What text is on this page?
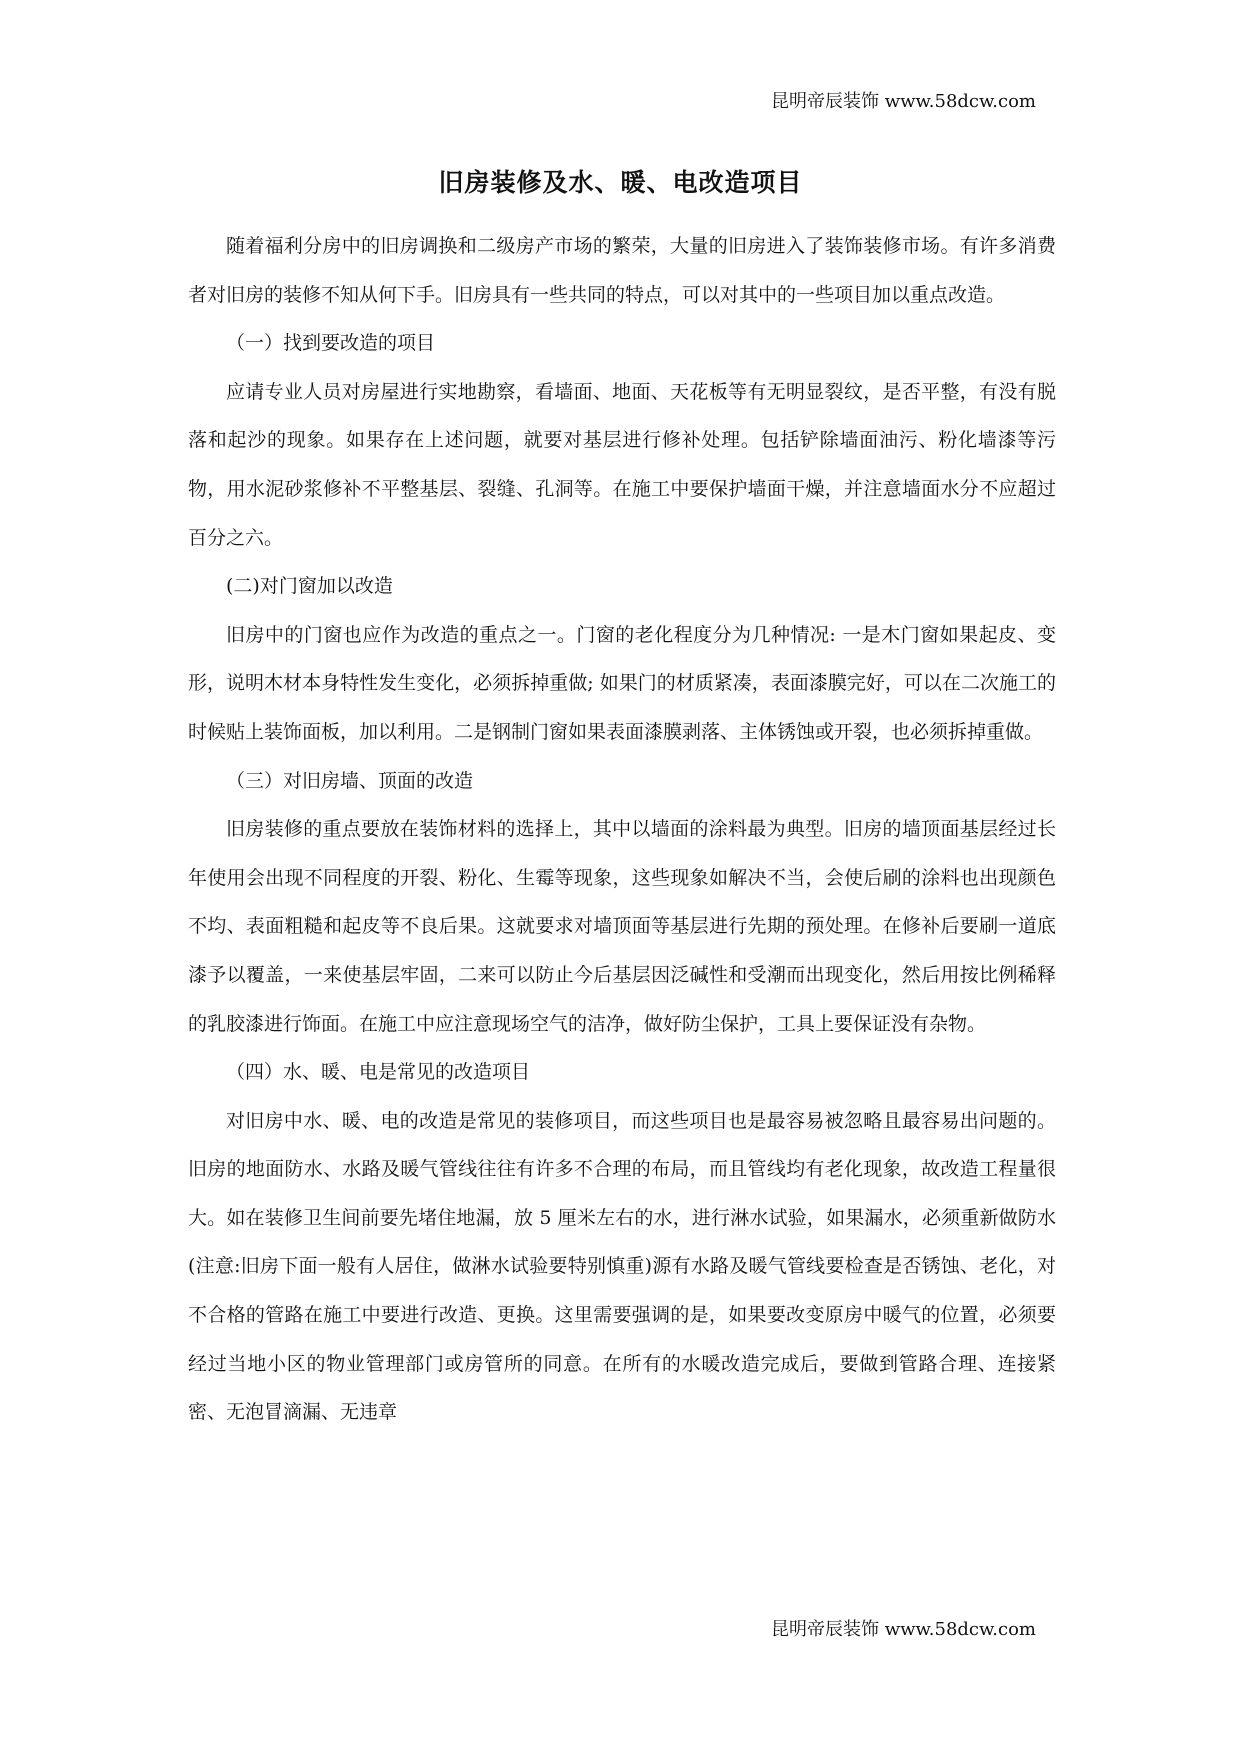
昆明帝辰装饰 www.58dcw.com
旧房装修及水、暖、电改造项目

随着福利分房中的旧房调换和二级房产市场的繁荣，大量的旧房进入了装饰装修市场。有许多消费者对旧房的装修不知从何下手。旧房具有一些共同的特点，可以对其中的一些项目加以重点改造。

（一）找到要改造的项目

应请专业人员对房屋进行实地勘察，看墙面、地面、天花板等有无明显裂纹，是否平整，有没有脱落和起沙的现象。如果存在上述问题，就要对基层进行修补处理。包括铲除墙面油污、粉化墙漆等污物，用水泥砂浆修补不平整基层、裂缝、孔洞等。在施工中要保护墙面干燥，并注意墙面水分不应超过百分之六。

(二)对门窗加以改造

旧房中的门窗也应作为改造的重点之一。门窗的老化程度分为几种情况: 一是木门窗如果起皮、变形，说明木材本身特性发生变化，必须拆掉重做; 如果门的材质紧凑，表面漆膜完好，可以在二次施工的时候贴上装饰面板，加以利用。二是钢制门窗如果表面漆膜剥落、主体锈蚀或开裂，也必须拆掉重做。

（三）对旧房墙、顶面的改造

旧房装修的重点要放在装饰材料的选择上，其中以墙面的涂料最为典型。旧房的墙顶面基层经过长年使用会出现不同程度的开裂、粉化、生霉等现象，这些现象如解决不当，会使后刷的涂料也出现颜色不均、表面粗糙和起皮等不良后果。这就要求对墙顶面等基层进行先期的预处理。在修补后要刷一道底漆予以覆盖，一来使基层牢固，二来可以防止今后基层因泛碱性和受潮而出现变化，然后用按比例稀释的乳胶漆进行饰面。在施工中应注意现场空气的洁净，做好防尘保护，工具上要保证没有杂物。

（四）水、暖、电是常见的改造项目

对旧房中水、暖、电的改造是常见的装修项目，而这些项目也是最容易被忽略且最容易出问题的。旧房的地面防水、水路及暖气管线往往有许多不合理的布局，而且管线均有老化现象，故改造工程量很大。如在装修卫生间前要先堵住地漏，放 5 厘米左右的水，进行淋水试验，如果漏水，必须重新做防水(注意:旧房下面一般有人居住，做淋水试验要特别慎重)源有水路及暖气管线要检查是否锈蚀、老化，对不合格的管路在施工中要进行改造、更换。这里需要强调的是，如果要改变原房中暖气的位置，必须要经过当地小区的物业管理部门或房管所的同意。在所有的水暖改造完成后，要做到管路合理、连接紧密、无泡冒滴漏、无违章

昆明帝辰装饰 www.58dcw.com
